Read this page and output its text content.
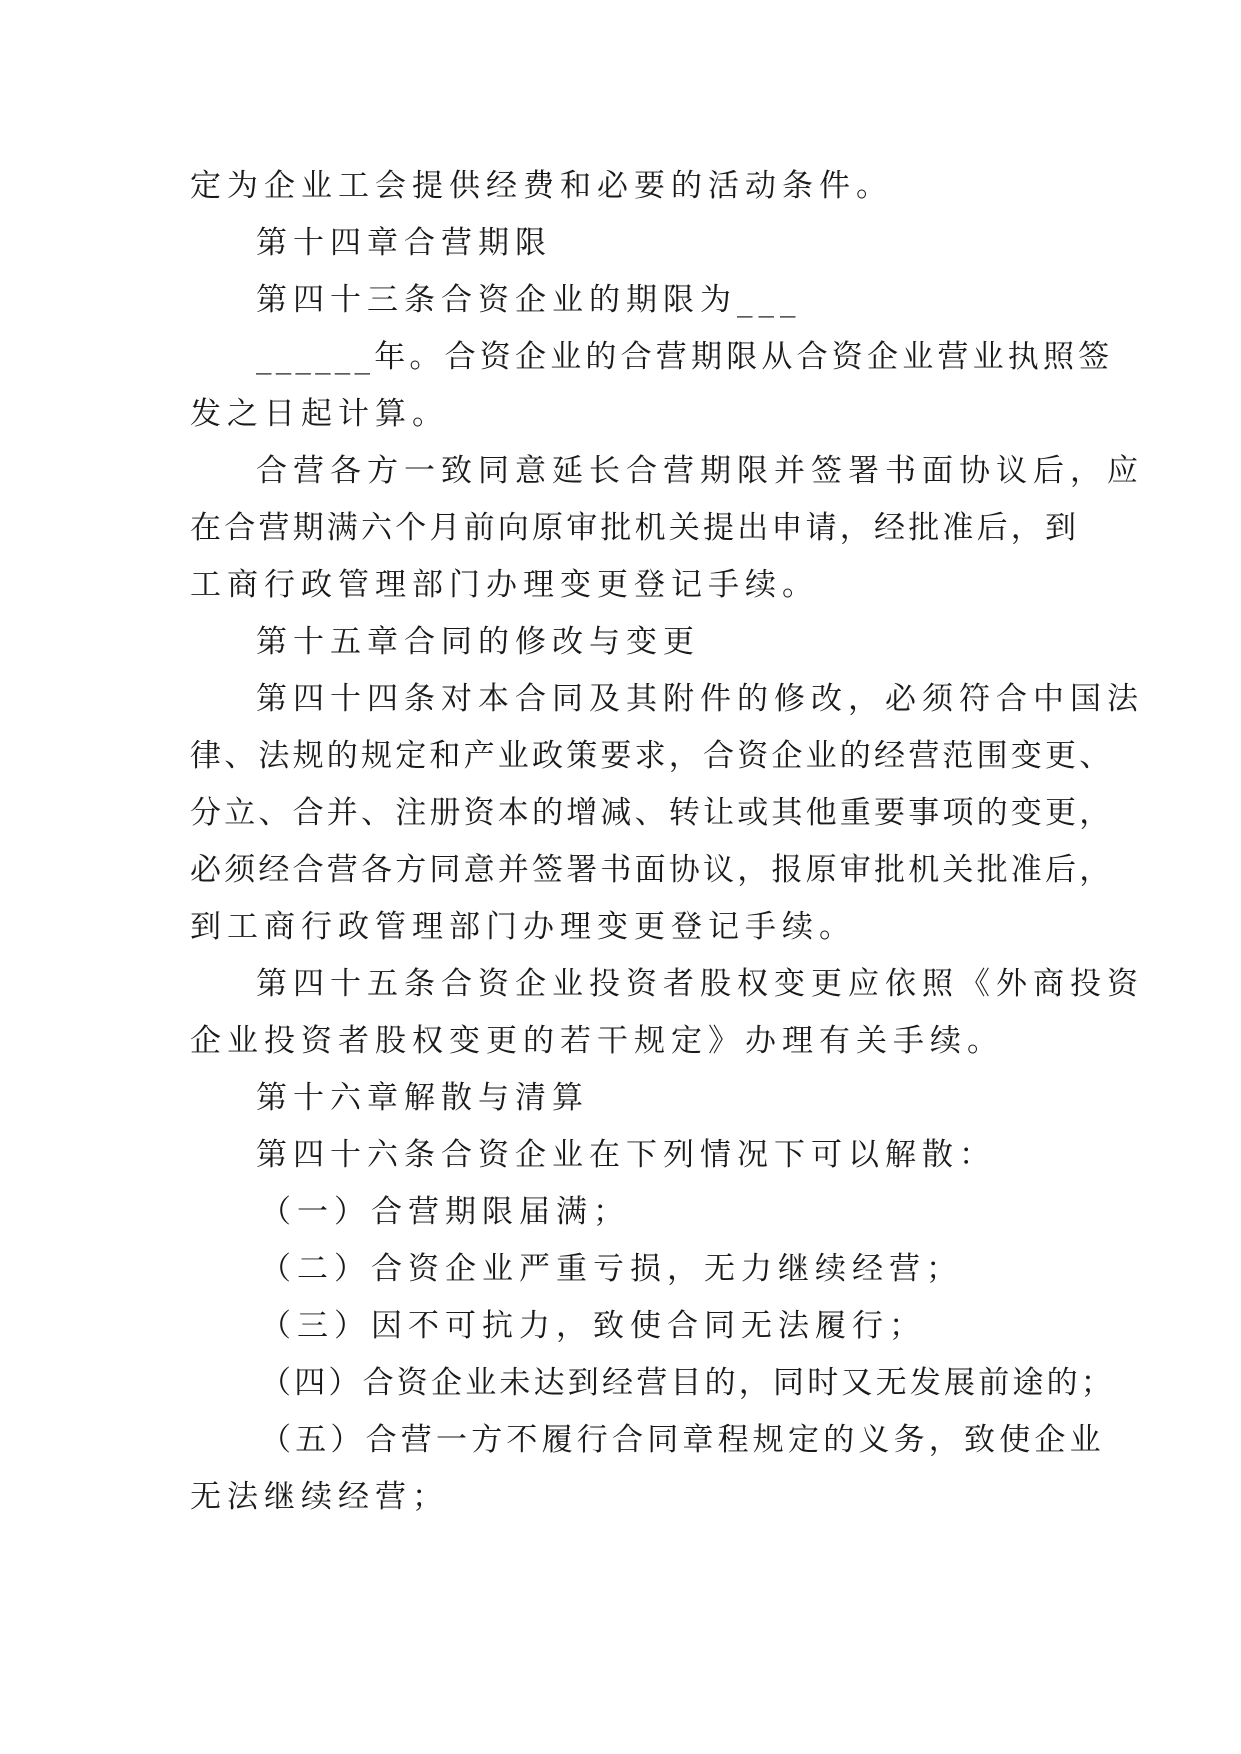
定为企业工会提供经费和必要的活动条件。
第十四章合营期限
第四十三条合资企业的期限为___
______年。合资企业的合营期限从合资企业营业执照签
发之日起计算。
合营各方一致同意延长合营期限并签署书面协议后，应
在合营期满六个月前向原审批机关提出申请，经批准后，到
工商行政管理部门办理变更登记手续。
第十五章合同的修改与变更
第四十四条对本合同及其附件的修改，必须符合中国法
律、法规的规定和产业政策要求，合资企业的经营范围变更、
分立、合并、注册资本的增减、转让或其他重要事项的变更，
必须经合营各方同意并签署书面协议，报原审批机关批准后，
到工商行政管理部门办理变更登记手续。
第四十五条合资企业投资者股权变更应依照《外商投资
企业投资者股权变更的若干规定》办理有关手续。
第十六章解散与清算
第四十六条合资企业在下列情况下可以解散：
（一）合营期限届满；
（二）合资企业严重亏损，无力继续经营；
（三）因不可抗力，致使合同无法履行；
（四）合资企业未达到经营目的，同时又无发展前途的；
（五）合营一方不履行合同章程规定的义务，致使企业
无法继续经营；
